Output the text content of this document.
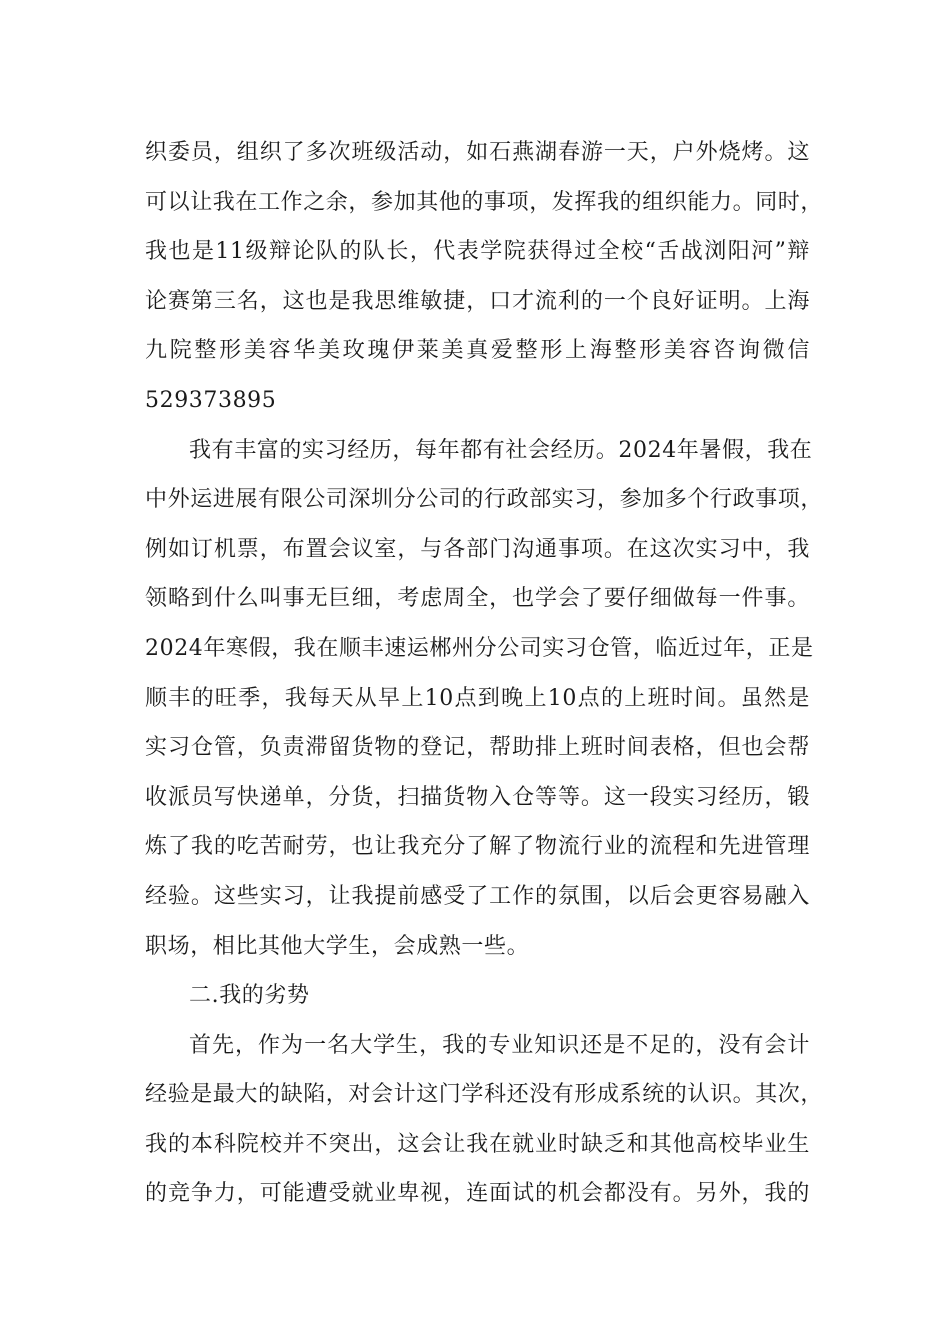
织委员，组织了多次班级活动，如石燕湖春游一天，户外烧烤。这
可以让我在工作之余，参加其他的事项，发挥我的组织能力。同时，
我也是11级辩论队的队长，代表学院获得过全校“舌战浏阳河”辩
论赛第三名，这也是我思维敏捷，口才流利的一个良好证明。上海
九院整形美容华美玫瑰伊莱美真爱整形上海整形美容咨询微信
529373895
我有丰富的实习经历，每年都有社会经历。2024年暑假，我在
中外运进展有限公司深圳分公司的行政部实习，参加多个行政事项，
例如订机票，布置会议室，与各部门沟通事项。在这次实习中，我
领略到什么叫事无巨细，考虑周全，也学会了要仔细做每一件事。
2024年寒假，我在顺丰速运郴州分公司实习仓管，临近过年，正是
顺丰的旺季，我每天从早上10点到晚上10点的上班时间。虽然是
实习仓管，负责滞留货物的登记，帮助排上班时间表格，但也会帮
收派员写快递单，分货，扫描货物入仓等等。这一段实习经历，锻
炼了我的吃苦耐劳，也让我充分了解了物流行业的流程和先进管理
经验。这些实习，让我提前感受了工作的氛围，以后会更容易融入
职场，相比其他大学生，会成熟一些。
二.我的劣势
首先，作为一名大学生，我的专业知识还是不足的，没有会计
经验是最大的缺陷，对会计这门学科还没有形成系统的认识。其次，
我的本科院校并不突出，这会让我在就业时缺乏和其他高校毕业生
的竞争力，可能遭受就业卑视，连面试的机会都没有。另外，我的
